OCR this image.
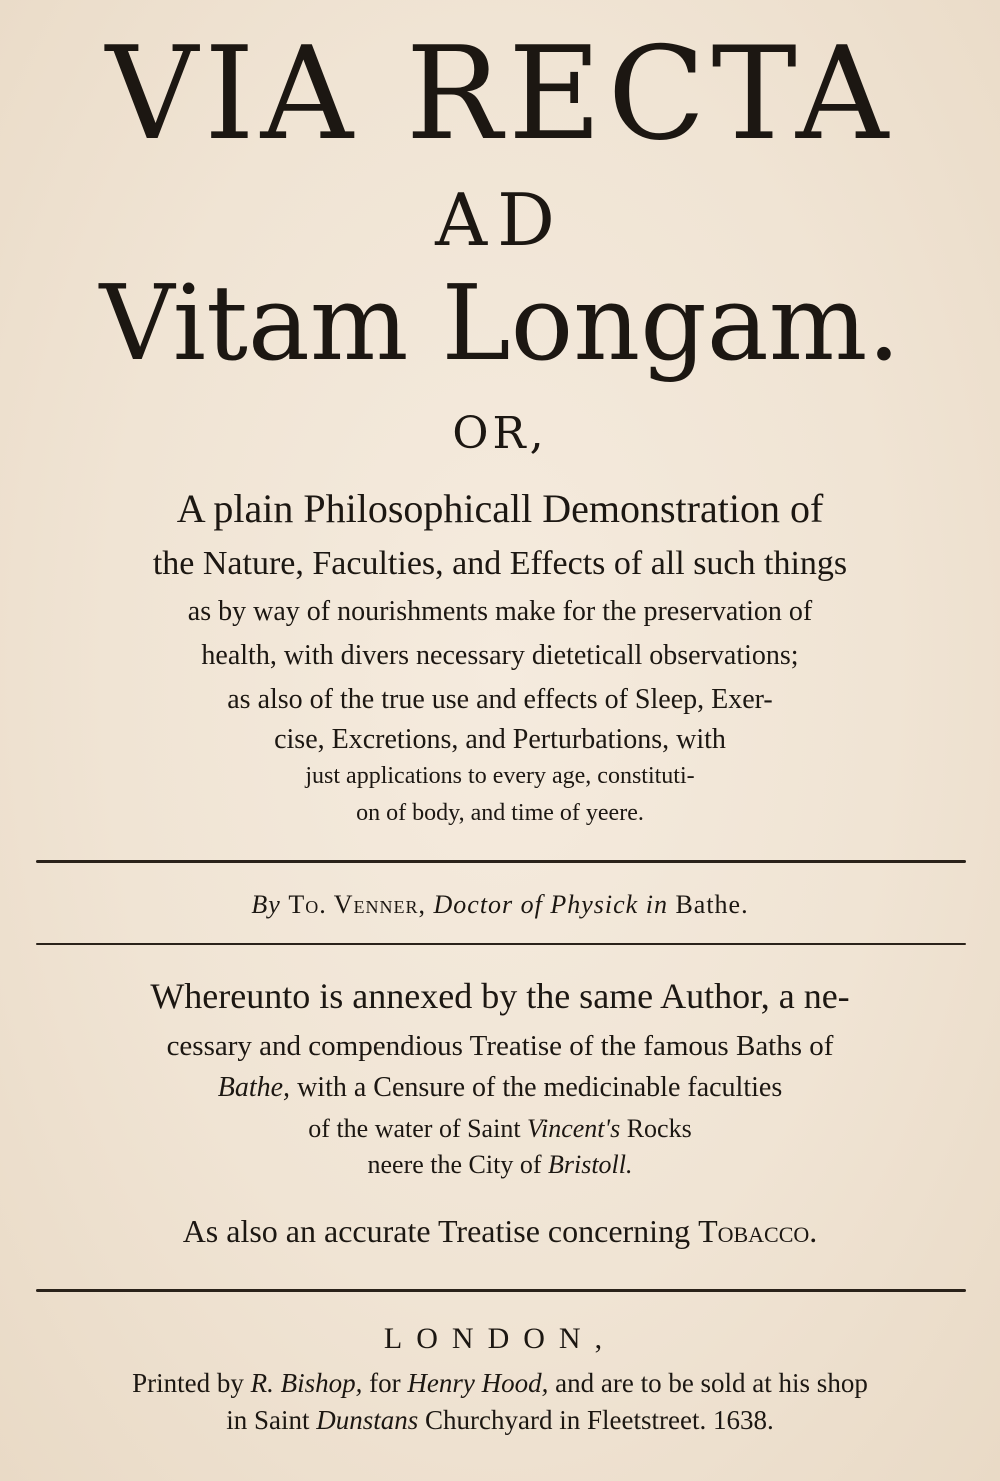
VIA RECTA
AD
Vitam Longam.
OR,
A plain Philosophicall Demonstration of
the Nature, Faculties, and Effects of all such things
as by way of nourishments make for the preservation of
health, with divers necessary dieteticall observations;
as also of the true use and effects of Sleep, Exer-
cise, Excretions, and Perturbations, with
just applications to every age, constituti-
on of body, and time of yeere.
By To. Venner, Doctor of Physick in Bathe.
Whereunto is annexed by the same Author, a ne-
cessary and compendious Treatise of the famous Baths of
Bathe, with a Censure of the medicinable faculties
of the water of Saint Vincent's Rocks
neere the City of Bristoll.
As also an accurate Treatise concerning Tobacco.
LONDON,
Printed by R. Bishop, for Henry Hood, and are to be sold at his shop
in Saint Dunstans Churchyard in Fleetstreet. 1638.
